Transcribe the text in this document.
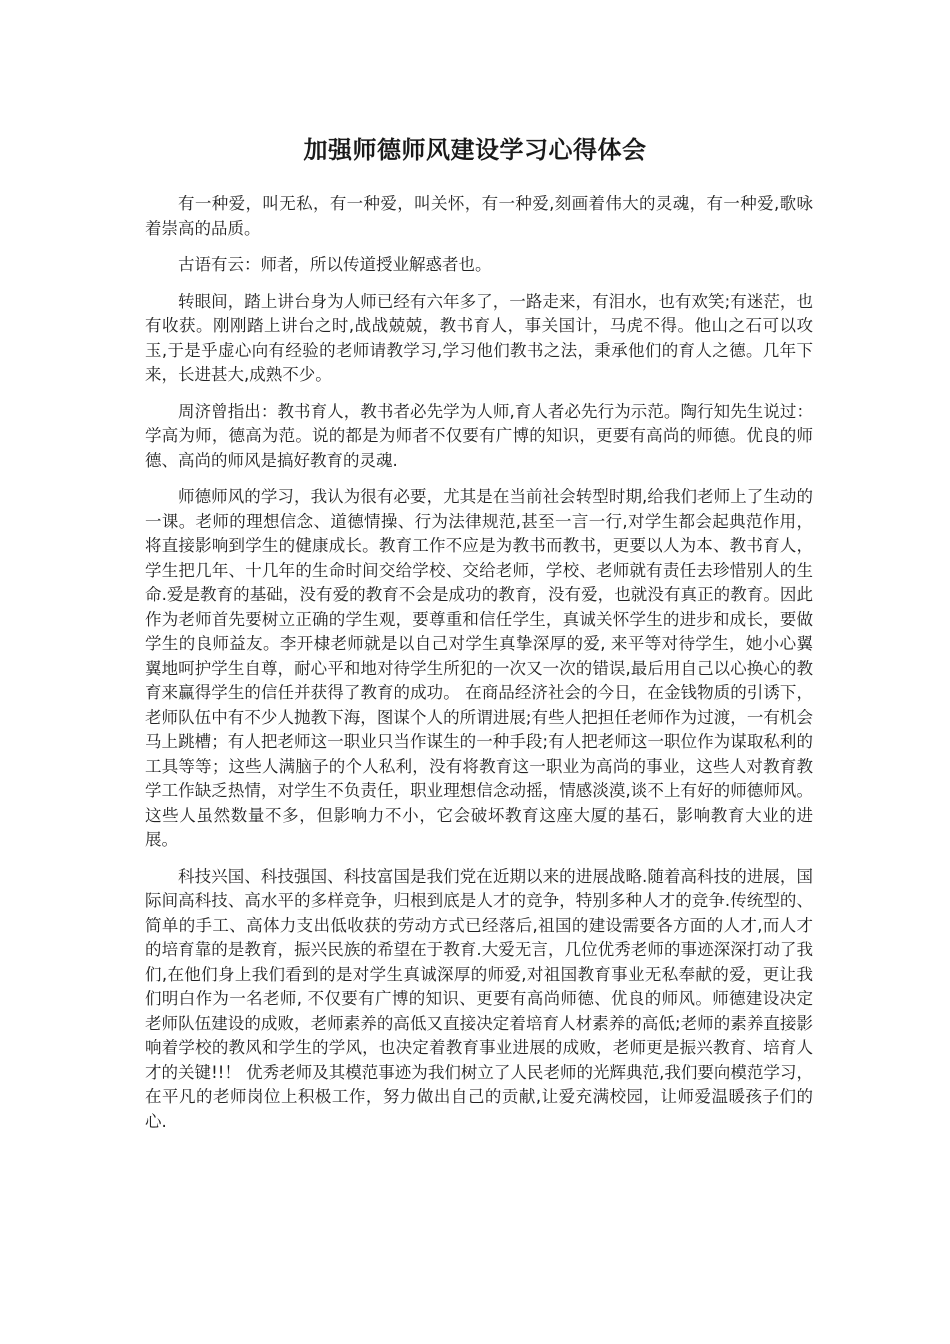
加强师德师风建设学习心得体会

有一种爱，叫无私，有一种爱，叫关怀，有一种爱,刻画着伟大的灵魂，有一种爱,歌咏着崇高的品质。

古语有云：师者，所以传道授业解惑者也。

转眼间，踏上讲台身为人师已经有六年多了，一路走来，有泪水，也有欢笑;有迷茫，也有收获。刚刚踏上讲台之时,战战兢兢，教书育人，事关国计，马虎不得。他山之石可以攻玉,于是乎虚心向有经验的老师请教学习,学习他们教书之法，秉承他们的育人之德。几年下来，长进甚大,成熟不少。

周济曾指出：教书育人，教书者必先学为人师,育人者必先行为示范。陶行知先生说过：学高为师，德高为范。说的都是为师者不仅要有广博的知识，更要有高尚的师德。优良的师德、高尚的师风是搞好教育的灵魂.

师德师风的学习，我认为很有必要，尤其是在当前社会转型时期,给我们老师上了生动的一课。老师的理想信念、道德情操、行为法律规范,甚至一言一行,对学生都会起典范作用，将直接影响到学生的健康成长。教育工作不应是为教书而教书，更要以人为本、教书育人，学生把几年、十几年的生命时间交给学校、交给老师，学校、老师就有责任去珍惜别人的生命.爱是教育的基础，没有爱的教育不会是成功的教育，没有爱，也就没有真正的教育。因此作为老师首先要树立正确的学生观，要尊重和信任学生，真诚关怀学生的进步和成长，要做学生的良师益友。李开棣老师就是以自己对学生真挚深厚的爱, 来平等对待学生，她小心翼翼地呵护学生自尊，耐心平和地对待学生所犯的一次又一次的错误,最后用自己以心换心的教育来赢得学生的信任并获得了教育的成功。 在商品经济社会的今日，在金钱物质的引诱下，老师队伍中有不少人抛教下海，图谋个人的所谓进展;有些人把担任老师作为过渡，一有机会马上跳槽；有人把老师这一职业只当作谋生的一种手段;有人把老师这一职位作为谋取私利的工具等等；这些人满脑子的个人私利，没有将教育这一职业为高尚的事业，这些人对教育教学工作缺乏热情，对学生不负责任，职业理想信念动摇，情感淡漠,谈不上有好的师德师风。这些人虽然数量不多，但影响力不小，它会破坏教育这座大厦的基石，影响教育大业的进展。

科技兴国、科技强国、科技富国是我们党在近期以来的进展战略.随着高科技的进展，国际间高科技、高水平的多样竞争，归根到底是人才的竞争，特别多种人才的竞争.传统型的、简单的手工、高体力支出低收获的劳动方式已经落后,祖国的建设需要各方面的人才,而人才的培育靠的是教育，振兴民族的希望在于教育.大爱无言，几位优秀老师的事迹深深打动了我们,在他们身上我们看到的是对学生真诚深厚的师爱,对祖国教育事业无私奉献的爱，更让我们明白作为一名老师, 不仅要有广博的知识、更要有高尚师德、优良的师风。师德建设决定老师队伍建设的成败，老师素养的高低又直接决定着培育人材素养的高低;老师的素养直接影响着学校的教风和学生的学风，也决定着教育事业进展的成败，老师更是振兴教育、培育人才的关键!!！ 优秀老师及其模范事迹为我们树立了人民老师的光辉典范,我们要向模范学习，在平凡的老师岗位上积极工作，努力做出自己的贡献,让爱充满校园，让师爱温暖孩子们的心.
